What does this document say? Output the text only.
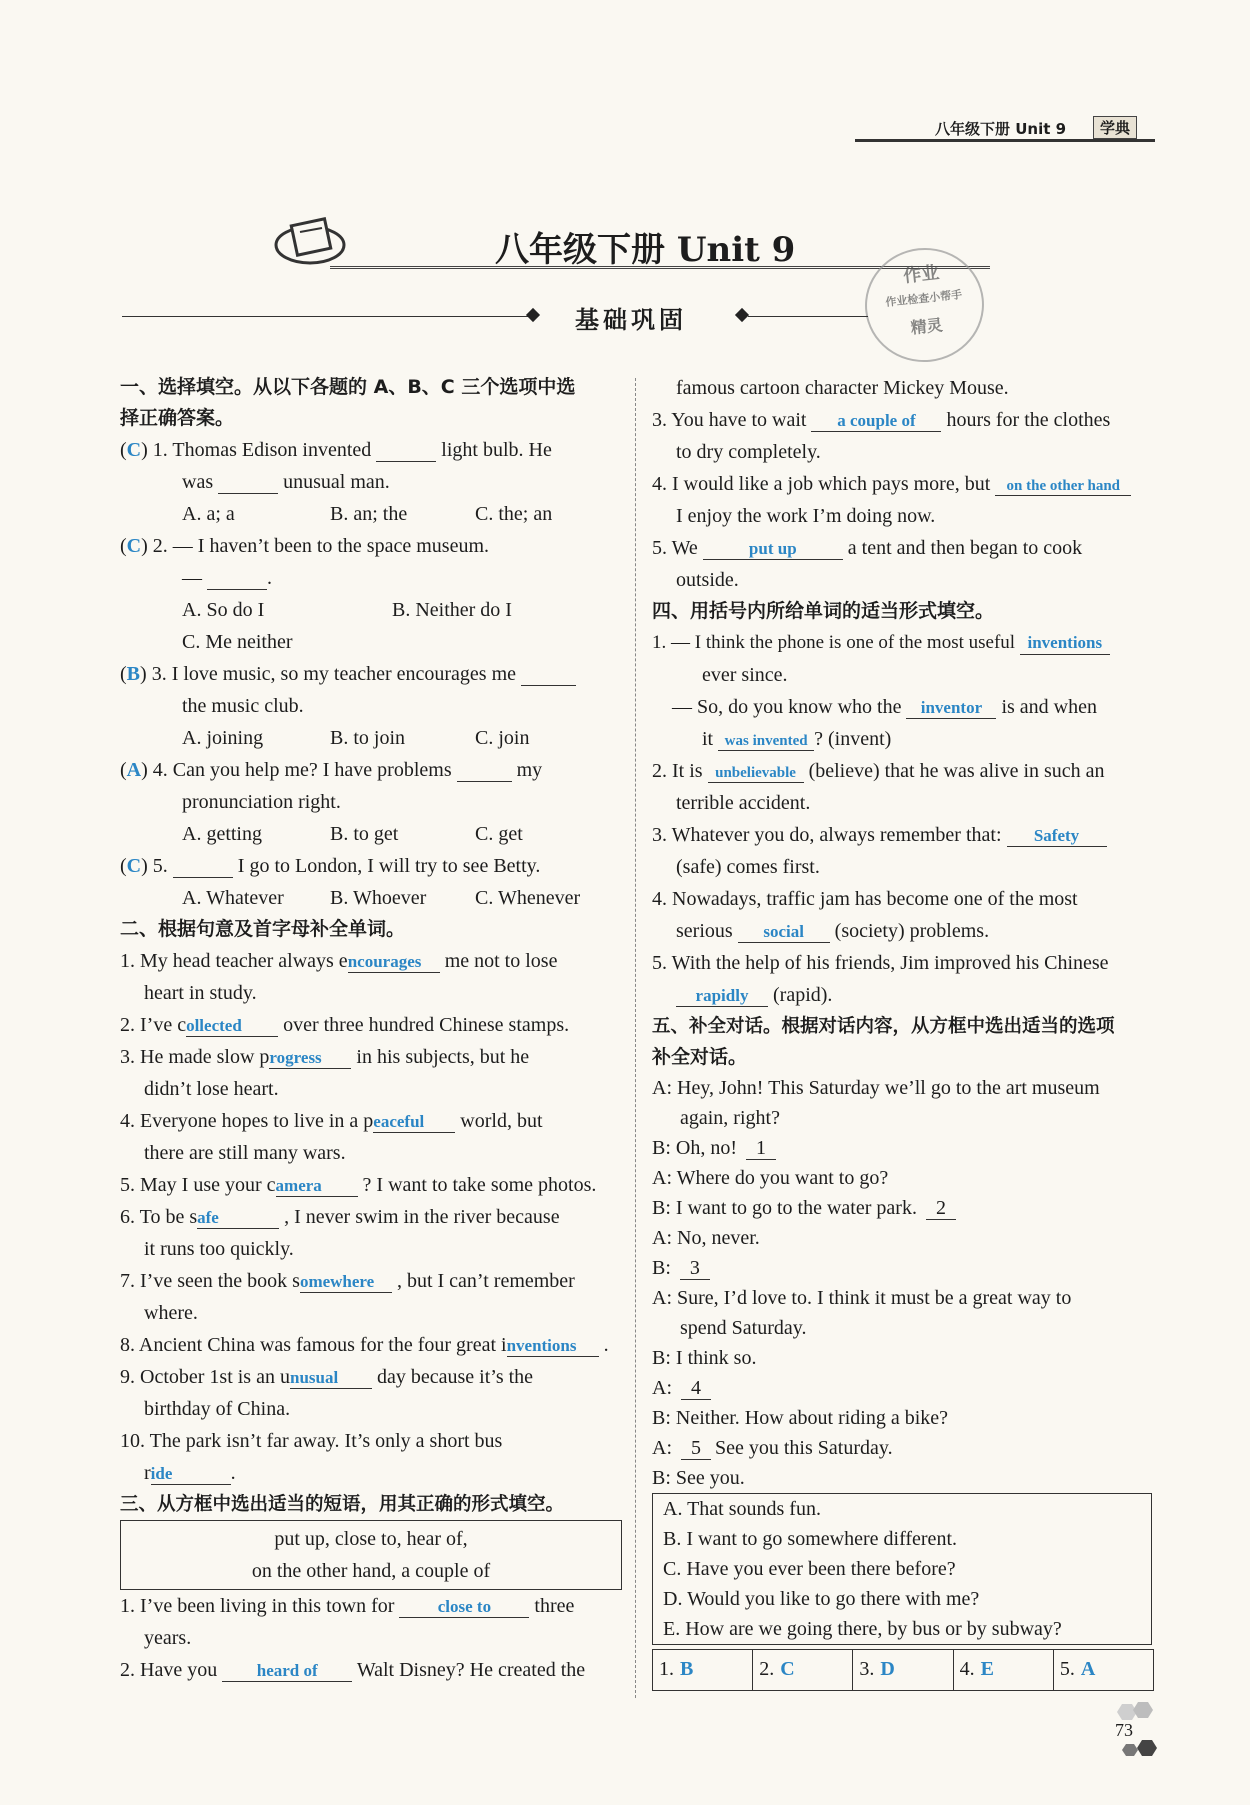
八年级下册 Unit 9	学典
八年级下册 Unit 9
作业
作业检查小帮手
精灵
基础巩固
一、选择填空。从以下各题的 A、B、C 三个选项中选
择正确答案。
(C) 1. Thomas Edison invented	light bulb. He
was	unusual man.
A. a; a	B. an; the	C. the; an
(C) 2. — I haven’t been to the space museum.
—	.
A. So do I	B. Neither do I
C. Me neither
(B) 3. I love music, so my teacher encourages me
the music club.
A. joining	B. to join	C. join
(A) 4. Can you help me? I have problems	my
pronunciation right.
A. getting	B. to get	C. get
(C) 5.	I go to London, I will try to see Betty.
A. Whatever B. Whoever C. Whenever
二、根据句意及首字母补全单词。
1. My head teacher always encourages me not to lose
heart in study.
2. I’ve collected over three hundred Chinese stamps.
3. He made slow progress in his subjects, but he
didn’t lose heart.
4. Everyone hopes to live in a peaceful world, but
there are still many wars.
5. May I use your camera ? I want to take some photos.
6. To be safe	, I never swim in the river because
it runs too quickly.
7. I’ve seen the book somewhere , but I can’t remember
where.
8. Ancient China was famous for the four great inventions .
9. October 1st is an unusual day because it’s the
birthday of China.
10. The park isn’t far away. It’s only a short bus
ride	.
三、从方框中选出适当的短语，用其正确的形式填空。
put up, close to, hear of,
on the other hand, a couple of
1. I’ve been living in this town for	close to three
years.
2. Have you heard of Walt Disney? He created the
famous cartoon character Mickey Mouse.
3. You have to wait a couple of hours for the clothes
to dry completely.
4. I would like a job which pays more, but on the other hand
I enjoy the work I’m doing now.
5. We	put up	a tent and then began to cook
outside.
四、用括号内所给单词的适当形式填空。
1. — I think the phone is one of the most useful inventions
ever since.
— So, do you know who the inventor is and when
it was invented ? (invent)
2. It is unbelievable (believe) that he was alive in such an
terrible accident.
3. Whatever you do, always remember that: Safety
(safe) comes first.
4. Nowadays, traffic jam has become one of the most
serious social (society) problems.
5. With the help of his friends, Jim improved his Chinese
rapidly (rapid).
五、补全对话。根据对话内容，从方框中选出适当的选项
补全对话。
A: Hey, John! This Saturday we’ll go to the art museum
again, right?
B: Oh, no! 1
A: Where do you want to go?
B: I want to go to the water park. 2
A: No, never.
B: 3
A: Sure, I’d love to. I think it must be a great way to
spend Saturday.
B: I think so.
A: 4
B: Neither. How about riding a bike?
A: 5 See you this Saturday.
B: See you.
A. That sounds fun.
B. I want to go somewhere different.
C. Have you ever been there before?
D. Would you like to go there with me?
E. How are we going there, by bus or by subway?
1. B	2. C	3. D	4. E	5. A
73
